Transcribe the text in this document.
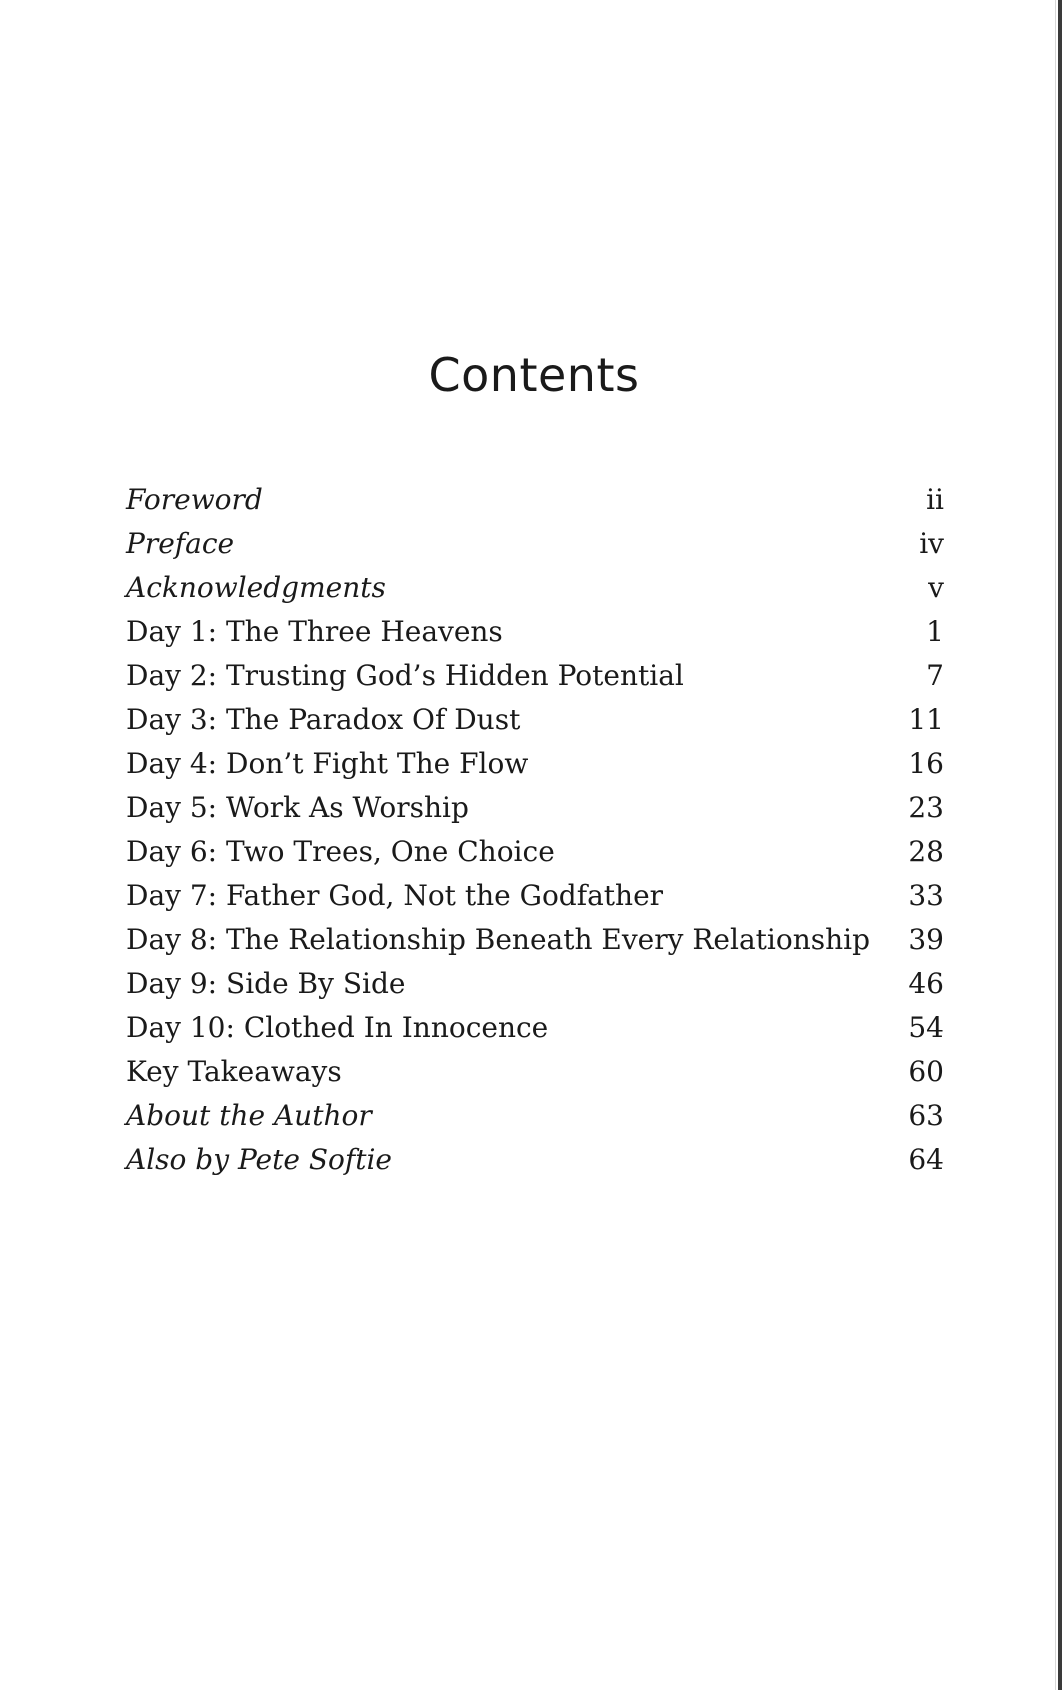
Contents
Foreword	ii
Preface	iv
Acknowledgments	v
Day 1: The Three Heavens	1
Day 2: Trusting God’s Hidden Potential	7
Day 3: The Paradox Of Dust	11
Day 4: Don’t Fight The Flow	16
Day 5: Work As Worship	23
Day 6: Two Trees, One Choice	28
Day 7: Father God, Not the Godfather	33
Day 8: The Relationship Beneath Every Relationship 39
Day 9: Side By Side	46
Day 10: Clothed In Innocence	54
Key Takeaways	60
About the Author	63
Also by Pete Softie	64
